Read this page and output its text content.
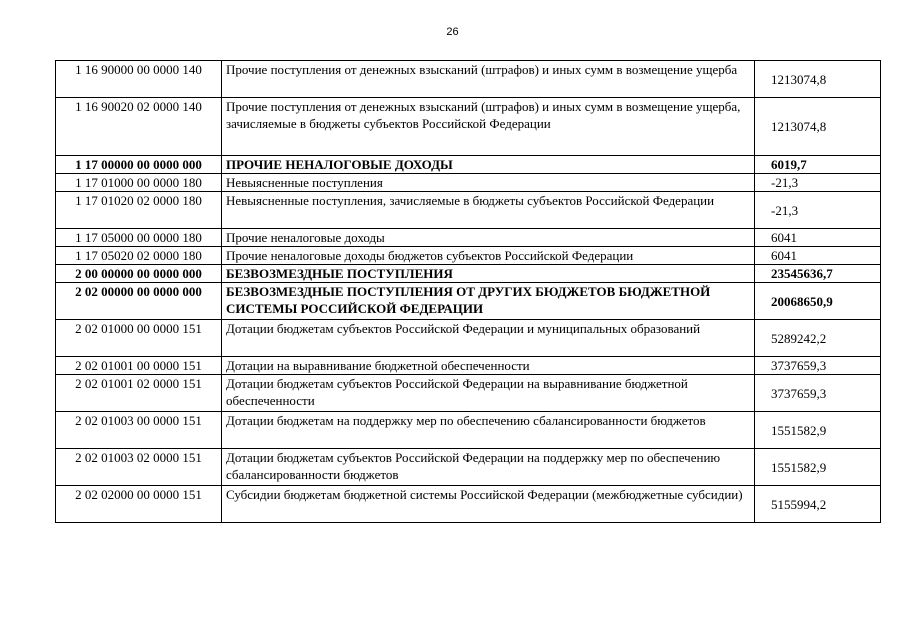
26
1 16 90000 00 0000 140	Прочие поступления от денежных взысканий (штрафов) и иных сумм в возмещение ущерба	1213074,8
1 16 90020 02 0000 140	Прочие поступления от денежных взысканий (штрафов) и иных сумм в возмещение ущерба, зачисляемые в бюджеты субъектов Российской Федерации	1213074,8
1 17 00000 00 0000 000	ПРОЧИЕ НЕНАЛОГОВЫЕ ДОХОДЫ	6019,7
1 17 01000 00 0000 180	Невыясненные поступления	-21,3
1 17 01020 02 0000 180	Невыясненные поступления, зачисляемые в бюджеты субъектов Российской Федерации	-21,3
1 17 05000 00 0000 180	Прочие неналоговые доходы	6041
1 17 05020 02 0000 180	Прочие неналоговые доходы бюджетов субъектов Российской Федерации	6041
2 00 00000 00 0000 000	БЕЗВОЗМЕЗДНЫЕ ПОСТУПЛЕНИЯ	23545636,7
2 02 00000 00 0000 000	БЕЗВОЗМЕЗДНЫЕ ПОСТУПЛЕНИЯ ОТ ДРУГИХ БЮДЖЕТОВ БЮДЖЕТНОЙ СИСТЕМЫ РОССИЙСКОЙ ФЕДЕРАЦИИ	20068650,9
2 02 01000 00 0000 151	Дотации бюджетам субъектов Российской Федерации и муниципальных образований	5289242,2
2 02 01001 00 0000 151	Дотации на выравнивание бюджетной обеспеченности	3737659,3
2 02 01001 02 0000 151	Дотации бюджетам субъектов Российской Федерации на выравнивание бюджетной обеспеченности	3737659,3
2 02 01003 00 0000 151	Дотации бюджетам на поддержку мер по обеспечению сбалансированности бюджетов	1551582,9
2 02 01003 02 0000 151	Дотации бюджетам субъектов Российской Федерации на поддержку мер по обеспечению сбалансированности бюджетов	1551582,9
2 02 02000 00 0000 151	Субсидии бюджетам бюджетной системы Российской Федерации (межбюджетные субсидии)	5155994,2
